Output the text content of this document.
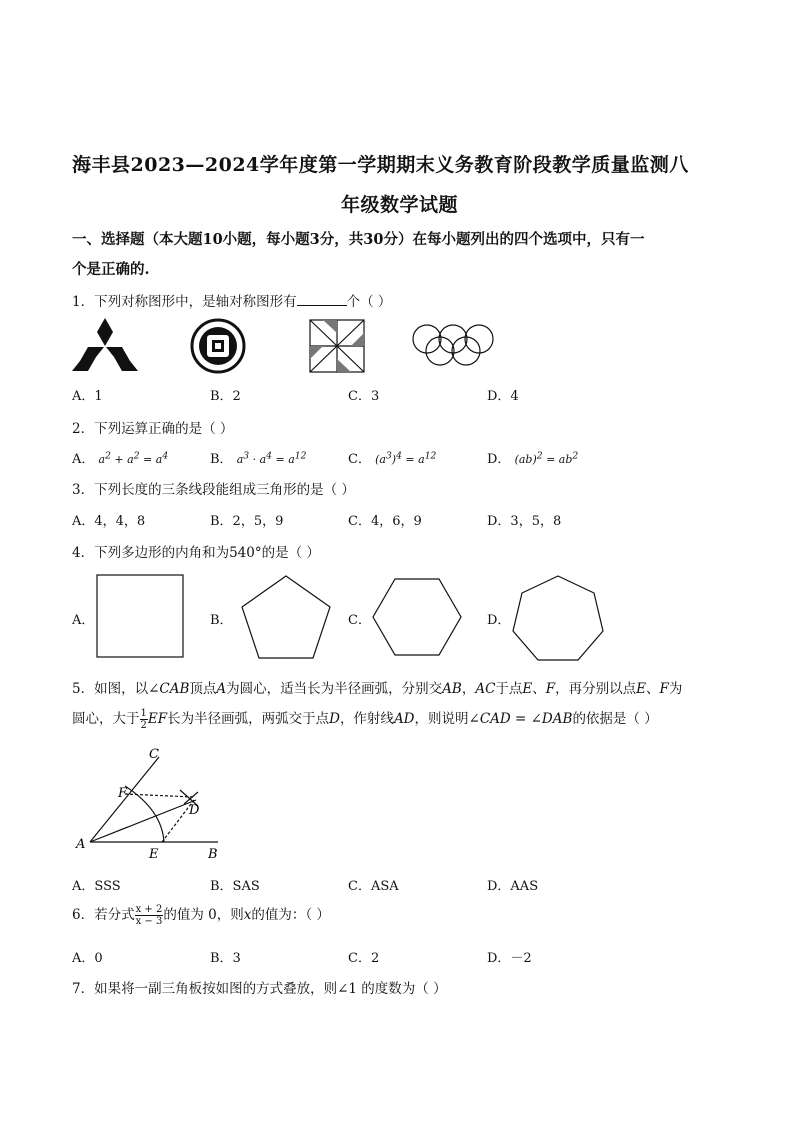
海丰县2023—2024学年度第一学期期末义务教育阶段教学质量监测八
年级数学试题
一、选择题（本大题10小题，每小题3分，共30分）在每小题列出的四个选项中，只有一
个是正确的.
1．下列对称图形中，是轴对称图形有	个（ ）
A．1	B．2	C．3	D．4
2．下列运算正确的是（ ）
A． $a^2 + a^2 = a^4$	B． $a^3 \cdot a^4 = a^{12}$	C． $(a^3)^4 = a^{12}$	D． $(ab)^2 = ab^2$
3．下列长度的三条线段能组成三角形的是（ ）
A．4，4，8	B．2，5，9	C．4，6，9	D．3，5，8
4．下列多边形的内角和为540°的是（ ）
A．	B．	C．	D．
5．如图，以∠CAB顶点A为圆心，适当长为半径画弧，分别交AB，AC于点E、F，再分别以点E、F为
圆心，大于 $\frac{1}{2}$ EF长为半径画弧，两弧交于点D，作射线AD，则说明∠CAD = ∠DAB的依据是（ ）
C
F
D
A
E	B
A．SSS	B．SAS	C．ASA	D．AAS
6．若分式 $\frac{x + 2}{x - 3}$ 的值为 0，则x的值为：（ ）
A．0	B．3	C．2	D．－2
7．如果将一副三角板按如图的方式叠放，则∠1 的度数为（ ）
